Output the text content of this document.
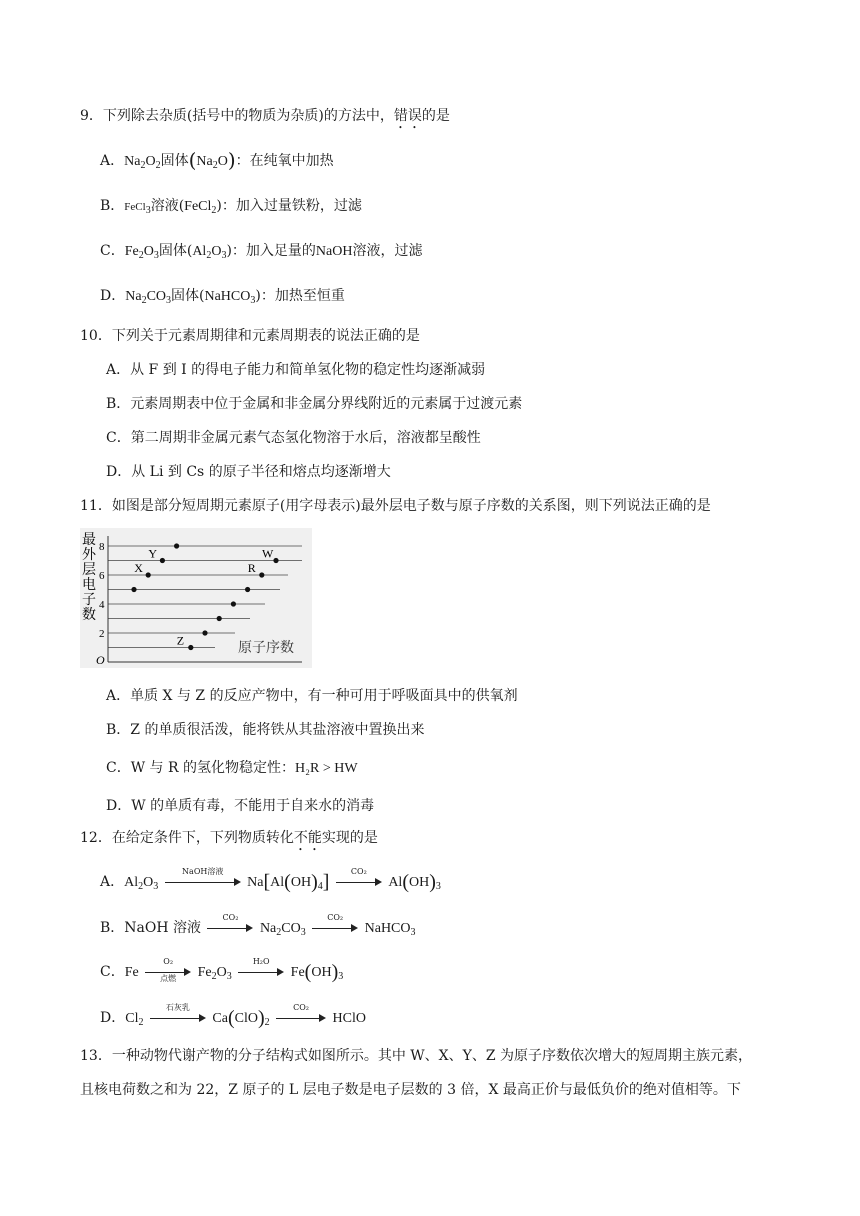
9．下列除去杂质(括号中的物质为杂质)的方法中，错误的是
A．$Na_2O_2$固体$(Na_2O)$：在纯氧中加热
B．FeCl$_3$溶液(FeCl$_2$)：加入过量铁粉，过滤
C．$Fe_2O_3$固体$(Al_2O_3)$：加入足量的NaOH溶液，过滤
D．$Na_2CO_3$固体(NaHCO$_3$)：加热至恒重
10．下列关于元素周期律和元素周期表的说法正确的是
A．从 F 到 I 的得电子能力和简单氢化物的稳定性均逐渐减弱
B．元素周期表中位于金属和非金属分界线附近的元素属于过渡元素
C．第二周期非金属元素气态氢化物溶于水后，溶液都呈酸性
D．从 Li 到 Cs 的原子半径和熔点均逐渐增大
11．如图是部分短周期元素原子(用字母表示)最外层电子数与原子序数的关系图，则下列说法正确的是
2
4
6
8
X
Y
Z
R
W
最外层电子数
原子序数
O
A．单质 X 与 Z 的反应产物中，有一种可用于呼吸面具中的供氧剂
B．Z 的单质很活泼，能将铁从其盐溶液中置换出来
C．W 与 R 的氢化物稳定性：H₂R > HW
D．W 的单质有毒，不能用于自来水的消毒
12．在给定条件下，下列物质转化不能实现的是
A．$Al_2O_3$
NaOH溶液
$Na[Al(OH)_4]$	CO₂
$Al(OH)_3$
B．NaOH 溶液
CO₂
$Na_2CO_3$
CO₂
NaHCO$_3$
C．Fe
O₂
点燃	$Fe_2O_3$
H₂O
$Fe(OH)_3$
D．$Cl_2$
石灰乳
$Ca(ClO)_2$
CO₂
HClO
13．一种动物代谢产物的分子结构式如图所示。其中 W、X、Y、Z 为原子序数依次增大的短周期主族元素，
且核电荷数之和为 22，Z 原子的 L 层电子数是电子层数的 3 倍，X 最高正价与最低负价的绝对值相等。下
